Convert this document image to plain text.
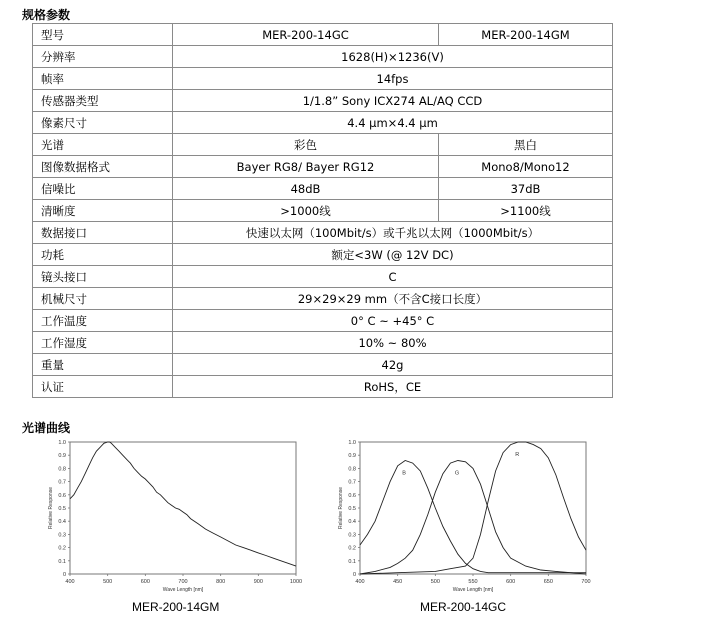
规格参数
型号	MER-200-14GC	MER-200-14GM
分辨率	1628(H)×1236(V)	
帧率	14fps	
传感器类型	1/1.8” Sony ICX274 AL/AQ CCD	
像素尺寸	4.4 μm×4.4 μm	
光谱	彩色	黑白
图像数据格式	Bayer RG8/ Bayer RG12	Mono8/Mono12
信噪比	48dB	37dB
清晰度	>1000线	>1100线
数据接口	快速以太网（100Mbit/s）或千兆以太网（1000Mbit/s）	
功耗	额定<3W (@ 12V DC)	
镜头接口	C	
机械尺寸	29×29×29 mm（不含C接口长度）	
工作温度	0° C ~ +45° C	
工作湿度	10% ~ 80%	
重量	42g	
认证	RoHS，CE	
光谱曲线
400	500	600	700	800	900	1000
0
0.1
0.2
0.3
0.4
0.5
0.6
0.7
0.8
0.9
1.0
Wave Length [nm]
Relative Response
MER-200-14GM
400	450	500	550	600	650	700
0
0.1
0.2
0.3
0.4
0.5
0.6
0.7
0.8
0.9
1.0
Wave Length [nm]
Relative Response
B	G
R
MER-200-14GC
